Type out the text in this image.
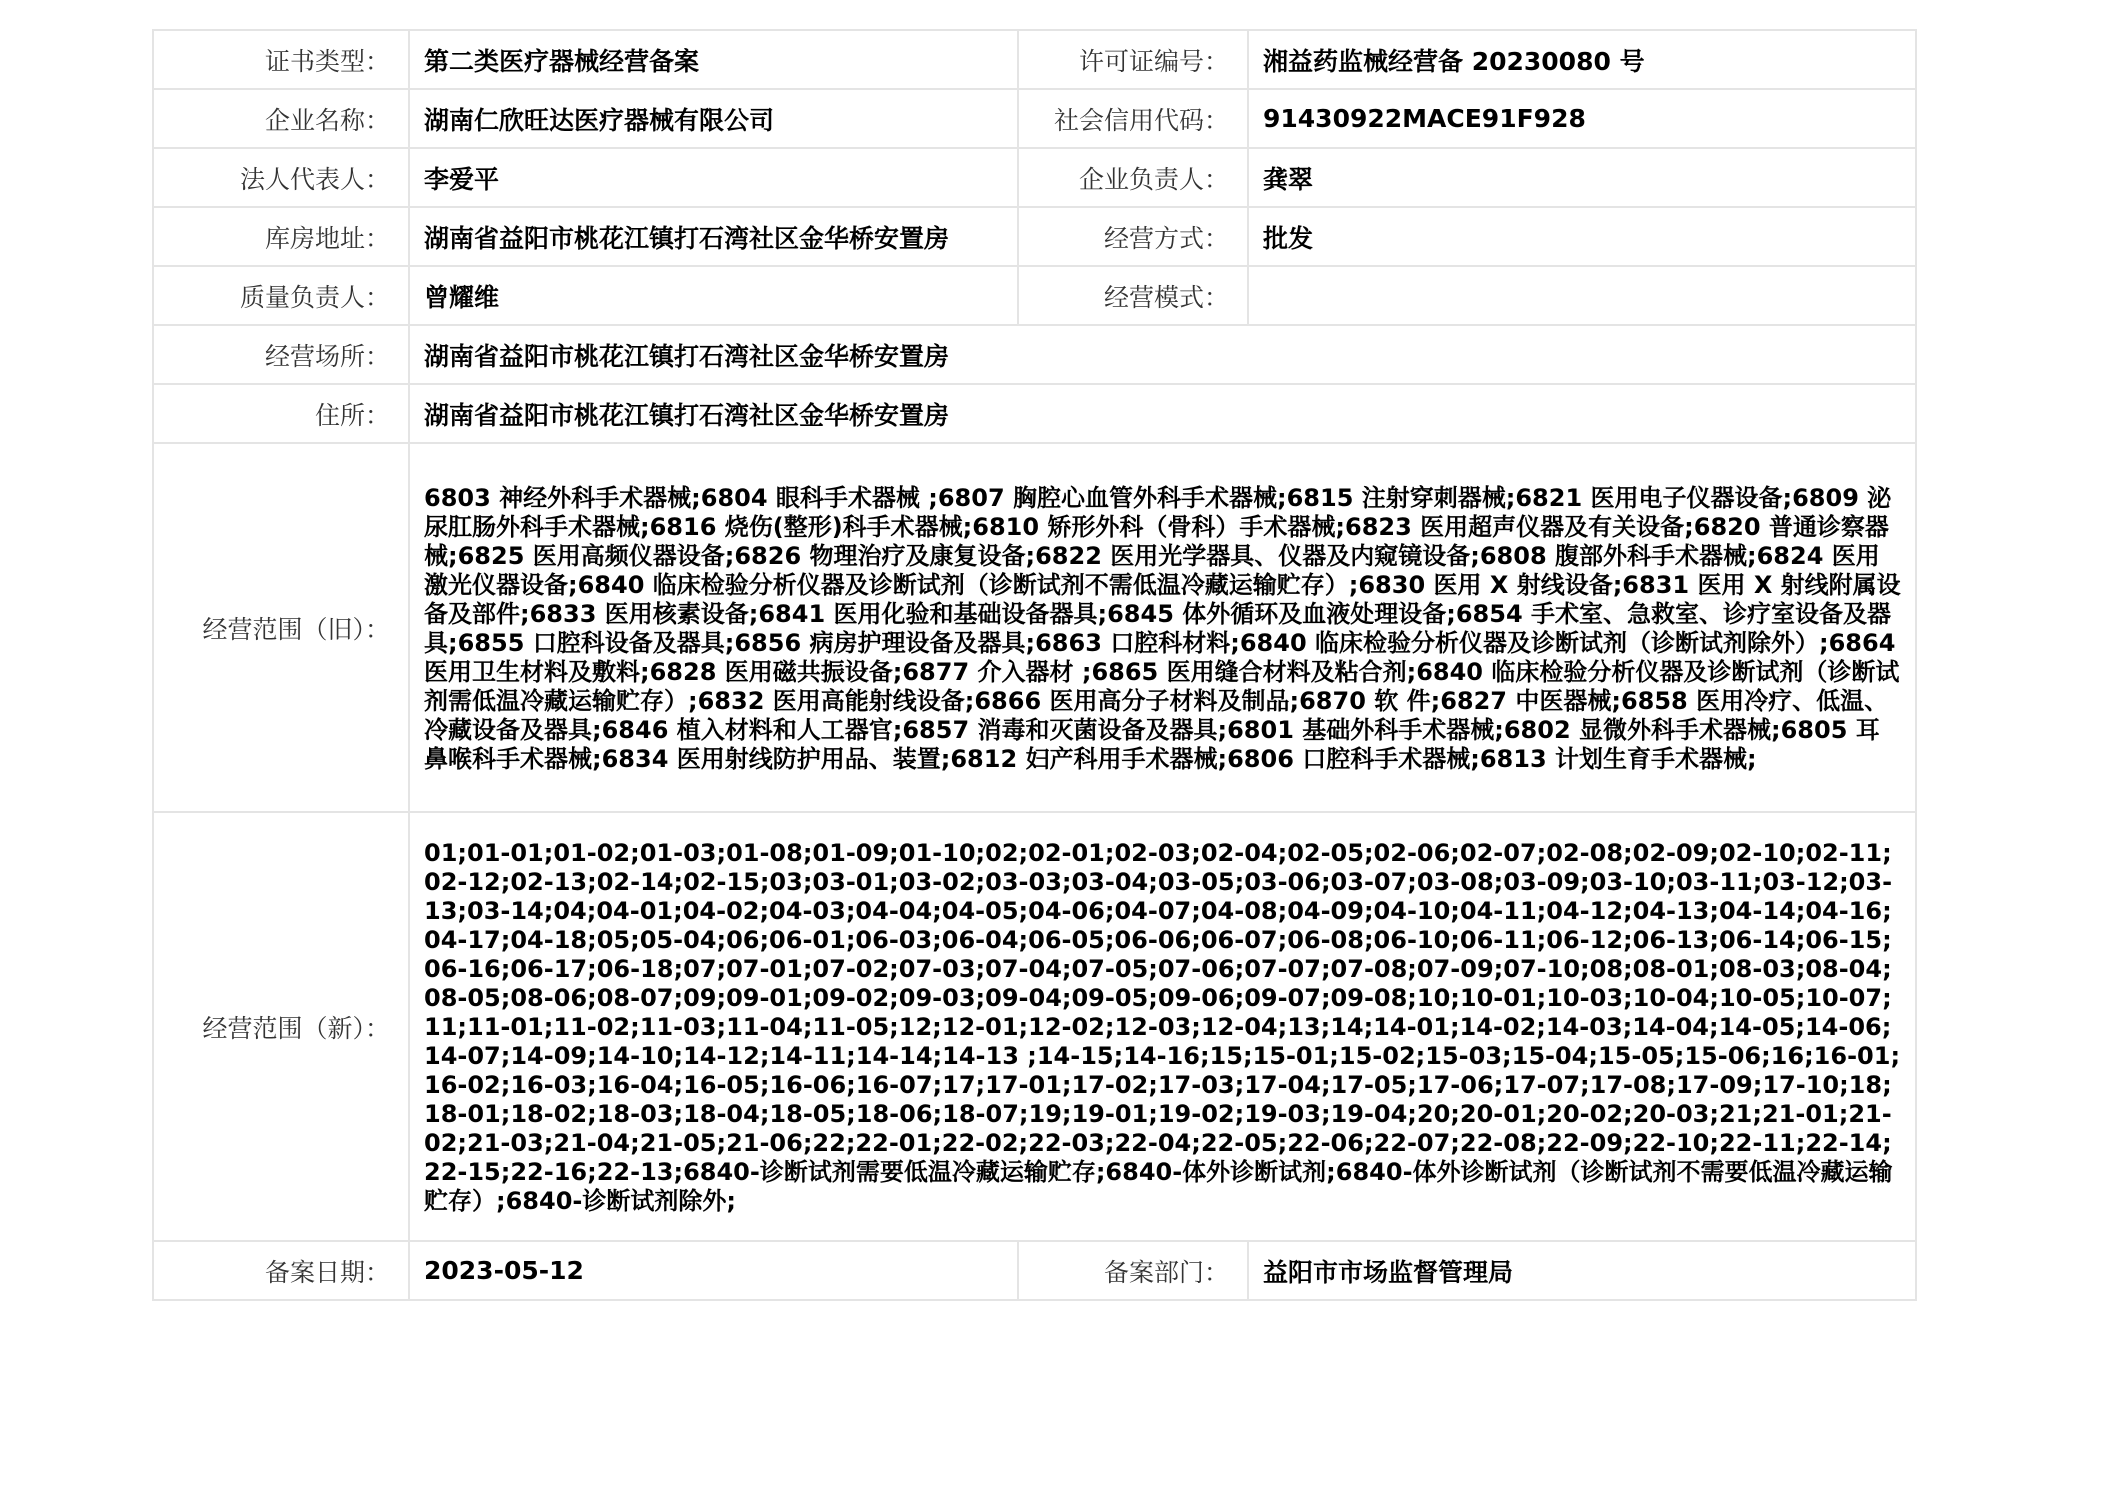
证书类型：	第二类医疗器械经营备案	许可证编号：	湘益药监械经营备 20230080 号
企业名称：	湖南仁欣旺达医疗器械有限公司	社会信用代码：	91430922MACE91F928
法人代表人：	李爱平	企业负责人：	龚翠
库房地址：	湖南省益阳市桃花江镇打石湾社区金华桥安置房	经营方式：	批发
质量负责人：	曾耀维	经营模式：	
经营场所：	湖南省益阳市桃花江镇打石湾社区金华桥安置房		
住所：	湖南省益阳市桃花江镇打石湾社区金华桥安置房		
经营范围（旧）：	6803 神经外科手术器械;6804 眼科手术器械 ;6807 胸腔心血管外科手术器械;6815 注射穿刺器械;6821 医用电子仪器设备;6809 泌尿肛肠外科手术器械;6816 烧伤(整形)科手术器械;6810 矫形外科（骨科）手术器械;6823 医用超声仪器及有关设备;6820 普通诊察器械;6825 医用高频仪器设备;6826 物理治疗及康复设备;6822 医用光学器具、仪器及内窥镜设备;6808 腹部外科手术器械;6824 医用激光仪器设备;6840 临床检验分析仪器及诊断试剂（诊断试剂不需低温冷藏运输贮存）;6830 医用 X 射线设备;6831 医用 X 射线附属设备及部件;6833 医用核素设备;6841 医用化验和基础设备器具;6845 体外循环及血液处理设备;6854 手术室、急救室、诊疗室设备及器具;6855 口腔科设备及器具;6856 病房护理设备及器具;6863 口腔科材料;6840 临床检验分析仪器及诊断试剂（诊断试剂除外）;6864 医用卫生材料及敷料;6828 医用磁共振设备;6877 介入器材 ;6865 医用缝合材料及粘合剂;6840 临床检验分析仪器及诊断试剂（诊断试剂需低温冷藏运输贮存）;6832 医用高能射线设备;6866 医用高分子材料及制品;6870 软 件;6827 中医器械;6858 医用冷疗、低温、冷藏设备及器具;6846 植入材料和人工器官;6857 消毒和灭菌设备及器具;6801 基础外科手术器械;6802 显微外科手术器械;6805 耳鼻喉科手术器械;6834 医用射线防护用品、装置;6812 妇产科用手术器械;6806 口腔科手术器械;6813 计划生育手术器械;		
经营范围（新）：	01;01-01;01-02;01-03;01-08;01-09;01-10;02;02-01;02-03;02-04;02-05;02-06;02-07;02-08;02-09;02-10;02-11;02-12;02-13;02-14;02-15;03;03-01;03-02;03-03;03-04;03-05;03-06;03-07;03-08;03-09;03-10;03-11;03-12;03-13;03-14;04;04-01;04-02;04-03;04-04;04-05;04-06;04-07;04-08;04-09;04-10;04-11;04-12;04-13;04-14;04-16;04-17;04-18;05;05-04;06;06-01;06-03;06-04;06-05;06-06;06-07;06-08;06-10;06-11;06-12;06-13;06-14;06-15;06-16;06-17;06-18;07;07-01;07-02;07-03;07-04;07-05;07-06;07-07;07-08;07-09;07-10;08;08-01;08-03;08-04;08-05;08-06;08-07;09;09-01;09-02;09-03;09-04;09-05;09-06;09-07;09-08;10;10-01;10-03;10-04;10-05;10-07;11;11-01;11-02;11-03;11-04;11-05;12;12-01;12-02;12-03;12-04;13;14;14-01;14-02;14-03;14-04;14-05;14-06;14-07;14-09;14-10;14-12;14-11;14-14;14-13 ;14-15;14-16;15;15-01;15-02;15-03;15-04;15-05;15-06;16;16-01;16-02;16-03;16-04;16-05;16-06;16-07;17;17-01;17-02;17-03;17-04;17-05;17-06;17-07;17-08;17-09;17-10;18;18-01;18-02;18-03;18-04;18-05;18-06;18-07;19;19-01;19-02;19-03;19-04;20;20-01;20-02;20-03;21;21-01;21-02;21-03;21-04;21-05;21-06;22;22-01;22-02;22-03;22-04;22-05;22-06;22-07;22-08;22-09;22-10;22-11;22-14;22-15;22-16;22-13;6840-诊断试剂需要低温冷藏运输贮存;6840-体外诊断试剂;6840-体外诊断试剂（诊断试剂不需要低温冷藏运输贮存）;6840-诊断试剂除外;		
备案日期：	2023-05-12	备案部门：	益阳市市场监督管理局
